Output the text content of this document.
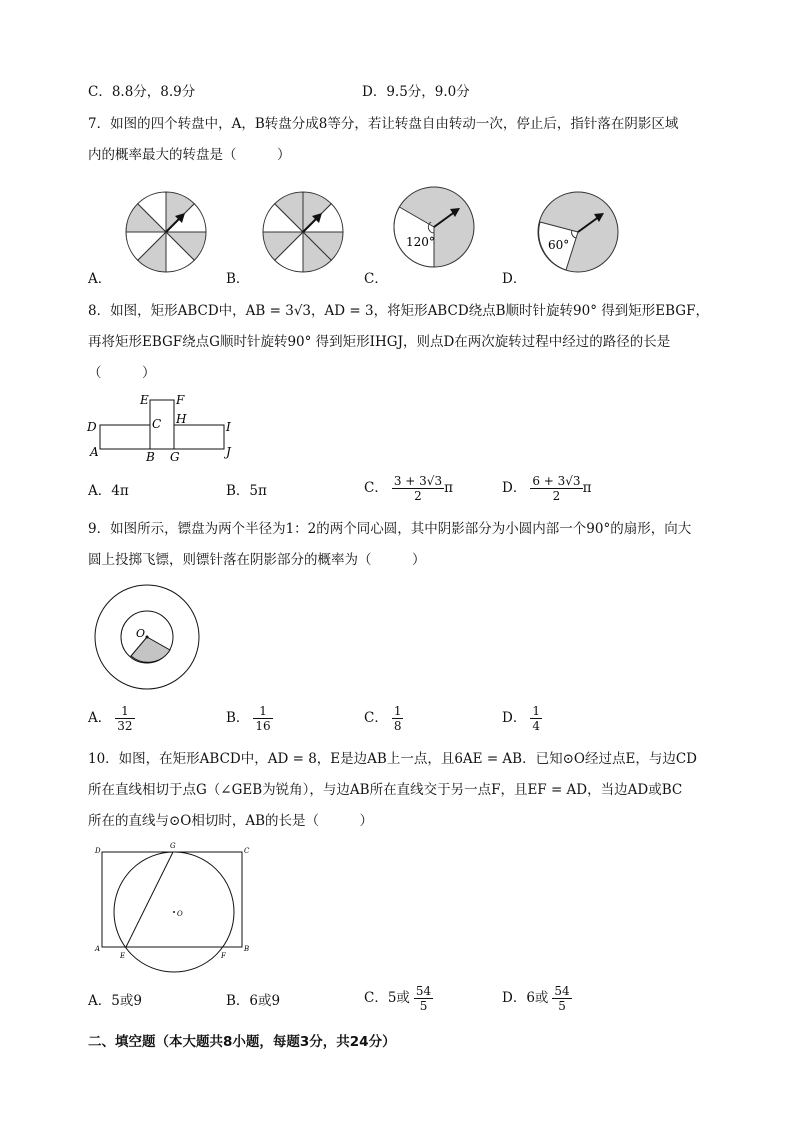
C．8.8分，8.9分	D．9.5分，9.0分
7．如图的四个转盘中，A，B转盘分成8等分，若让转盘自由转动一次，停止后，指针落在阴影区域
内的概率最大的转盘是（　　　）
120°	60°
A．	B．	C．	D．
8．如图，矩形ABCD中，AB = 3√3，AD = 3，将矩形ABCD绕点B顺时针旋转90° 得到矩形EBGF，
再将矩形EBGF绕点G顺时针旋转90° 得到矩形IHGJ，则点D在两次旋转过程中经过的路径的长是
（　　　）
D
A
E F
C H
I
B G	J
A．4π	B．5π	C． $\frac{3 + 3√3}{2}$ π	D． $\frac{6 + 3√3}{2}$ π
9．如图所示，镖盘为两个半径为1：2的两个同心圆，其中阴影部分为小圆内部一个90°的扇形，向大
圆上投掷飞镖，则镖针落在阴影部分的概率为（　　　）
O
A． $\frac{1}{32}$	B． $\frac{1}{16}$	C． $\frac{1}{8}$	D． $\frac{1}{4}$
10．如图，在矩形ABCD中，AD = 8，E是边AB上一点，且6AE = AB．已知⊙O经过点E，与边CD
所在直线相切于点G（∠GEB为锐角），与边AB所在直线交于另一点F，且EF = AD，当边AD或BC
所在的直线与⊙O相切时，AB的长是（　　　）
D
G
C
O
A
E	F
B
A．5或9	B．6或9	C．5或 $\frac{54}{5}$	D．6或 $\frac{54}{5}$
二、填空题（本大题共8小题，每题3分，共24分）
